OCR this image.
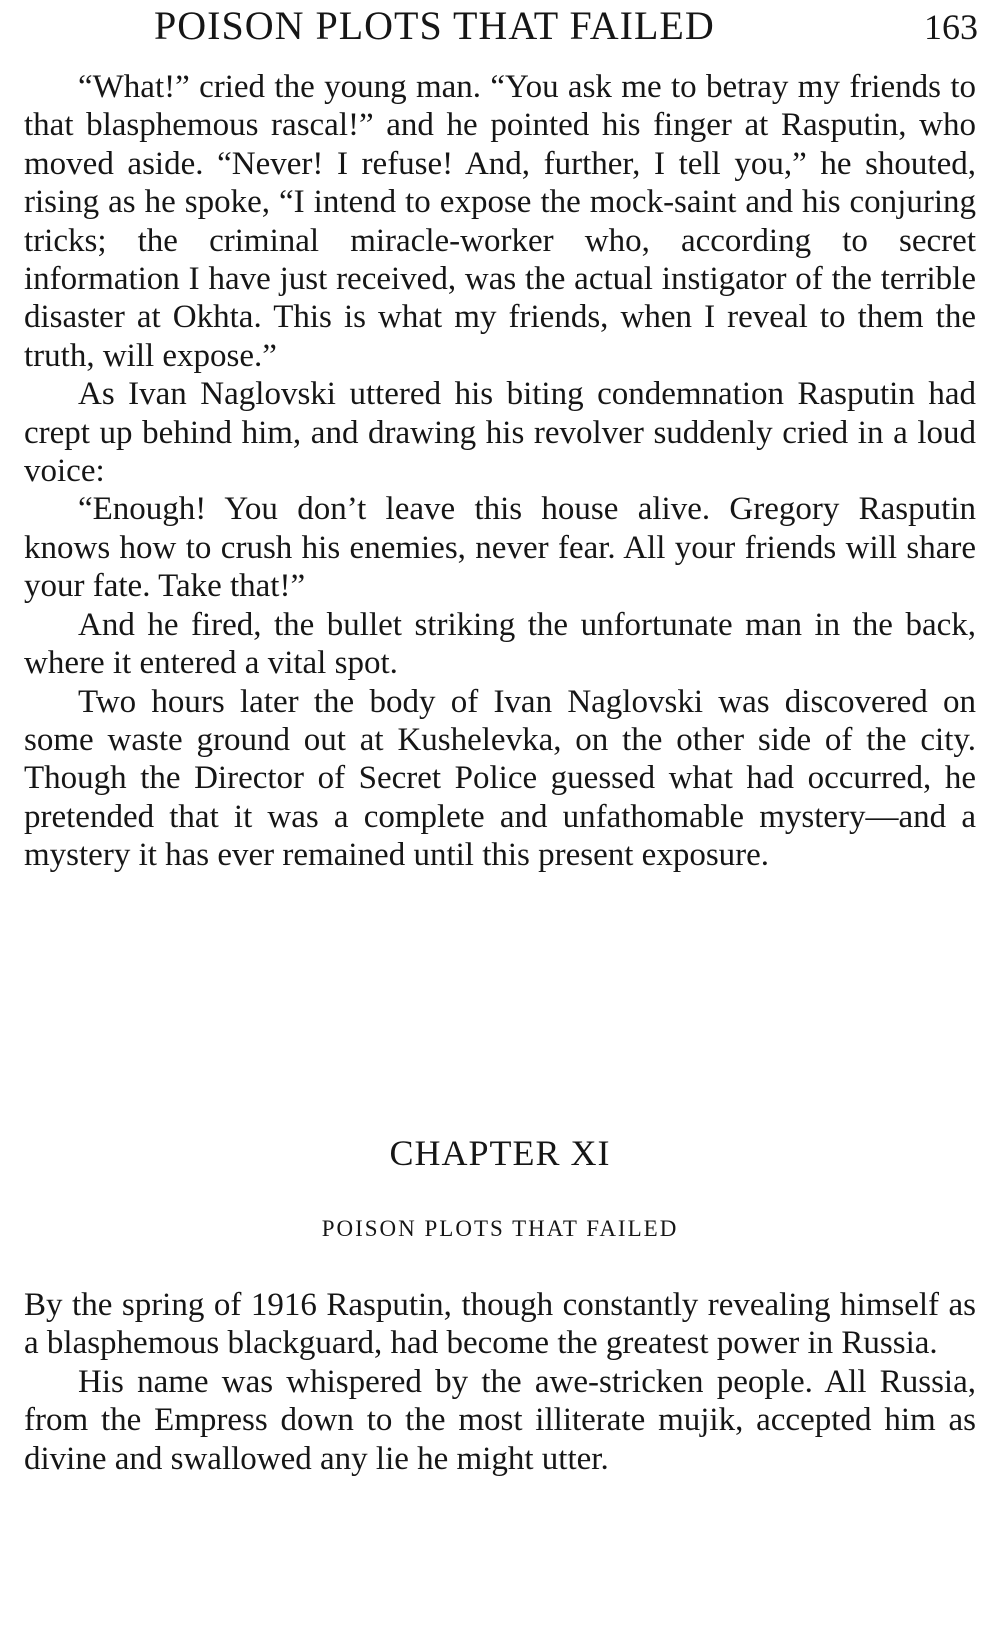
POISON PLOTS THAT FAILED	163

“What!” cried the young man. “You ask me to betray my friends to that blasphemous rascal!” and he pointed his finger at Rasputin, who moved aside. “Never! I refuse! And, further, I tell you,” he shouted, rising as he spoke, “I intend to expose the mock-saint and his conjuring tricks; the criminal miracle-worker who, according to secret information I have just received, was the actual instigator of the terrible disaster at Okhta. This is what my friends, when I reveal to them the truth, will expose.”

As Ivan Naglovski uttered his biting condemnation Rasputin had crept up behind him, and drawing his revolver suddenly cried in a loud voice:

“Enough! You don’t leave this house alive. Gregory Rasputin knows how to crush his enemies, never fear. All your friends will share your fate. Take that!”

And he fired, the bullet striking the unfortunate man in the back, where it entered a vital spot.

Two hours later the body of Ivan Naglovski was discovered on some waste ground out at Kushelevka, on the other side of the city. Though the Director of Secret Police guessed what had occurred, he pretended that it was a complete and unfathomable mystery—and a mystery it has ever remained until this present exposure.

CHAPTER XI
POISON PLOTS THAT FAILED

By the spring of 1916 Rasputin, though constantly revealing himself as a blasphemous blackguard, had become the greatest power in Russia.

His name was whispered by the awe-stricken people. All Russia, from the Empress down to the most illiterate mujik, accepted him as divine and swallowed any lie he might utter.
